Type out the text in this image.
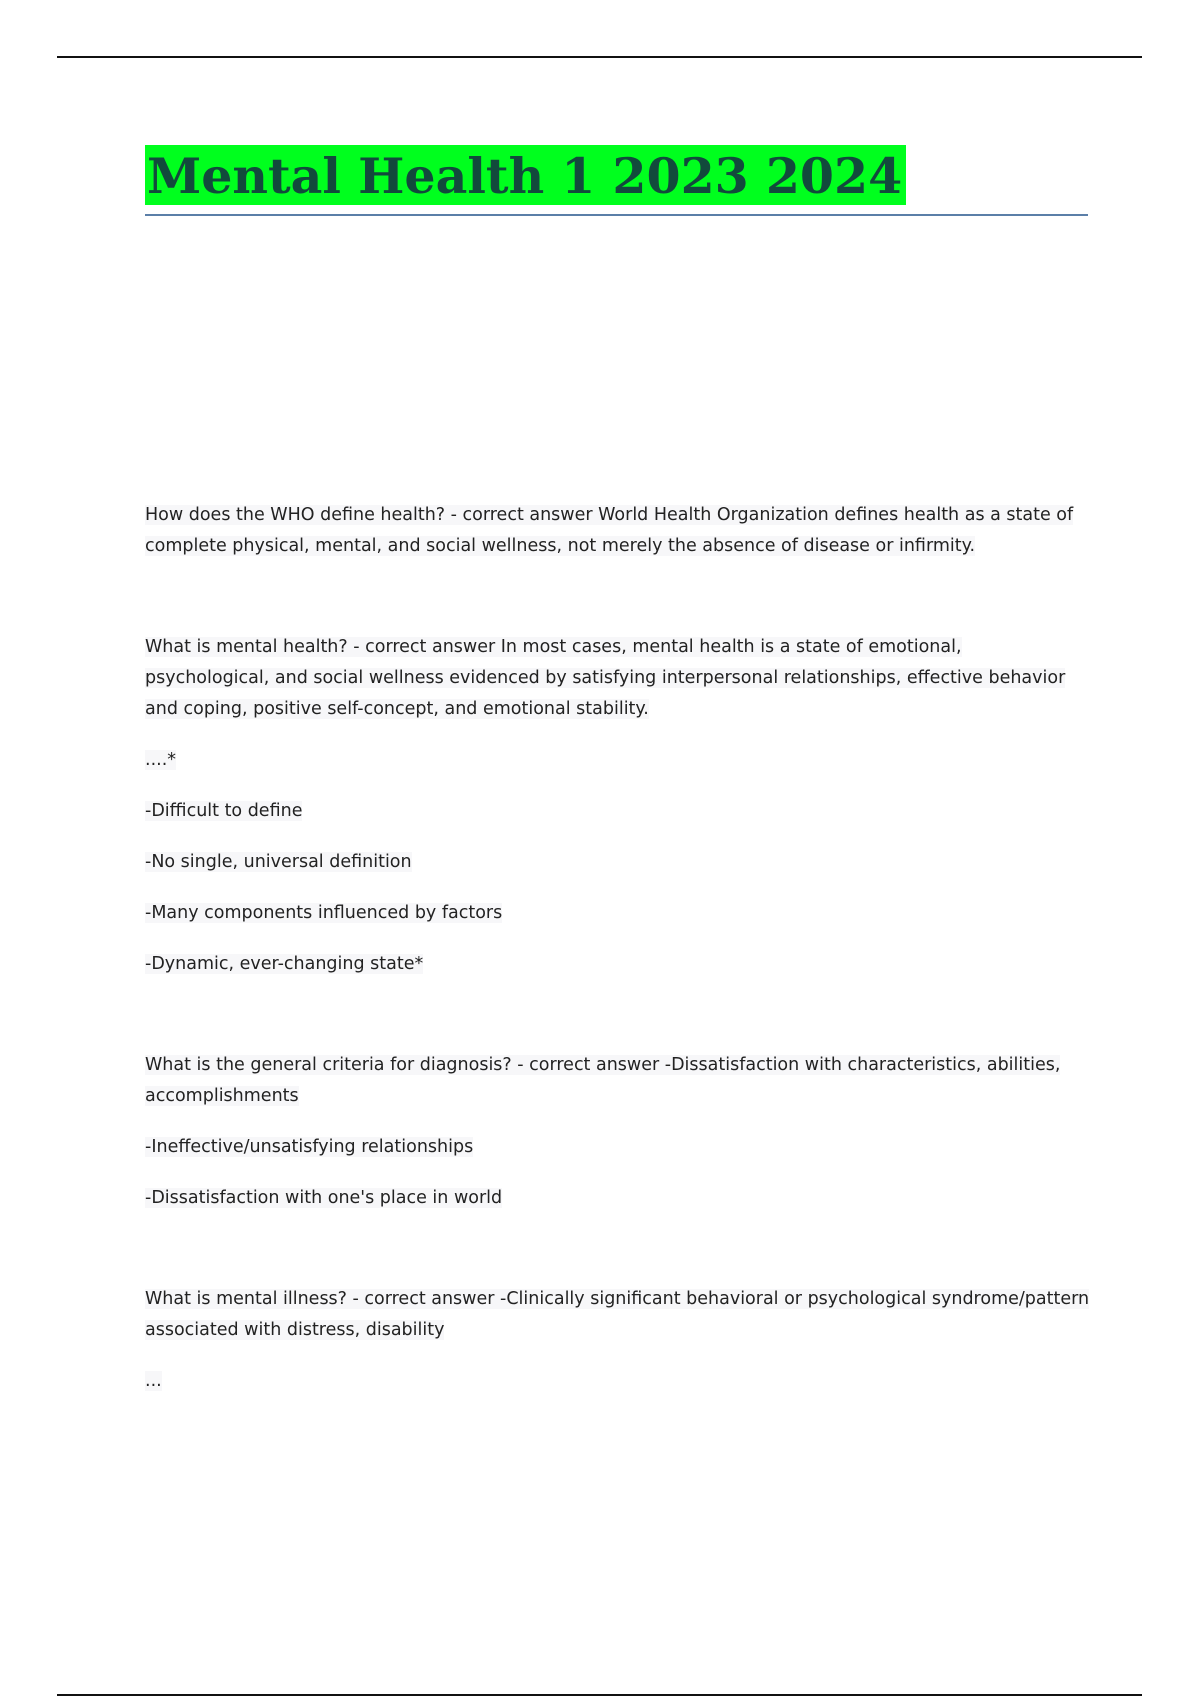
Mental Health 1 2023 2024

How does the WHO define health? - correct answer World Health Organization defines health as a state of complete physical, mental, and social wellness, not merely the absence of disease or infirmity.

What is mental health? - correct answer In most cases, mental health is a state of emotional, psychological, and social wellness evidenced by satisfying interpersonal relationships, effective behavior and coping, positive self-concept, and emotional stability.

....*

-Difficult to define

-No single, universal definition

-Many components influenced by factors

-Dynamic, ever-changing state*

What is the general criteria for diagnosis? - correct answer -Dissatisfaction with characteristics, abilities, accomplishments

-Ineffective/unsatisfying relationships

-Dissatisfaction with one's place in world

What is mental illness? - correct answer -Clinically significant behavioral or psychological syndrome/pattern associated with distress, disability

...
